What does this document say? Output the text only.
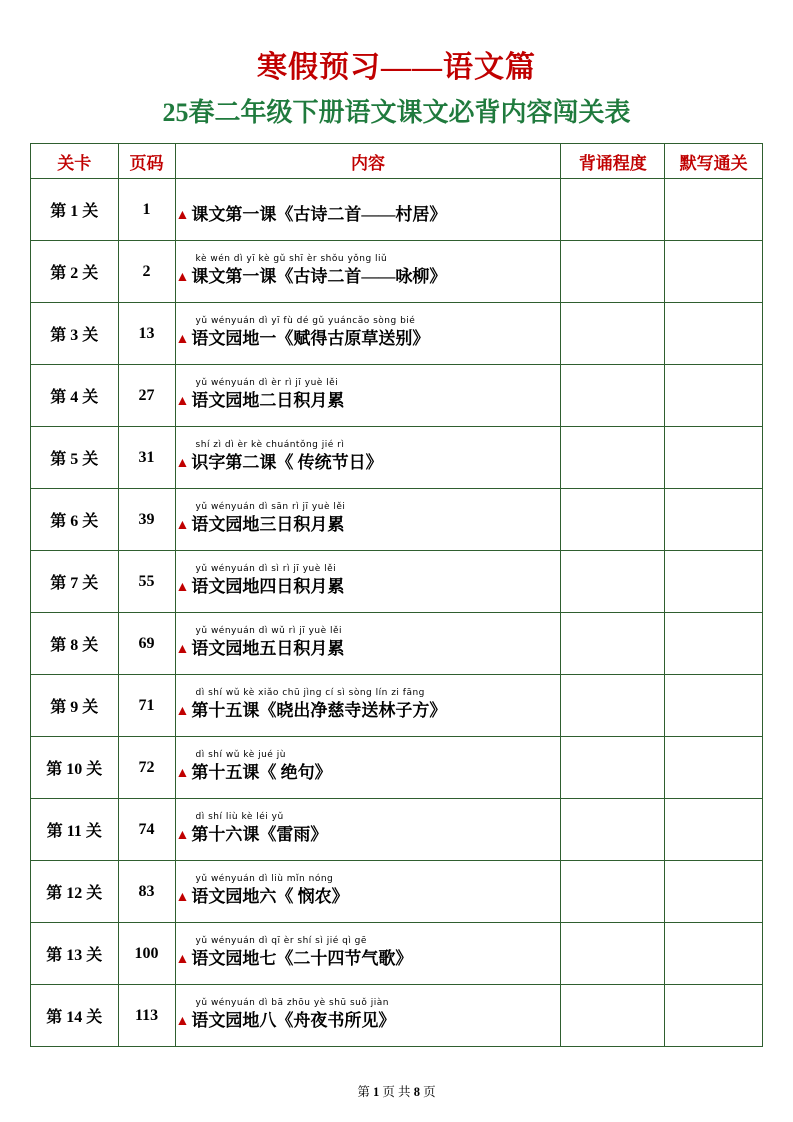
寒假预习——语文篇
25春二年级下册语文课文必背内容闯关表
关卡	页码	内容	背诵程度	默写通关
第 1 关	1	▲ 课文第一课《古诗二首——村居》		

第 2 关	2	kè wén dì yī kè gǔ shī èr shǒu yǒng liǔ
▲ 课文第一课《古诗二首——咏柳》		

第 3 关	13	yǔ wényuán dì yī fù dé gǔ yuáncǎo sòng bié
▲ 语文园地一《赋得古原草送别》		

第 4 关	27	yǔ wényuán dì èr rì jī yuè lěi
▲ 语文园地二日积月累		

第 5 关	31	shí zì dì èr kè chuántǒng jié rì
▲ 识字第二课《 传统节日》		

第 6 关	39	yǔ wényuán dì sān rì jī yuè lěi
▲ 语文园地三日积月累		

第 7 关	55	yǔ wényuán dì sì rì jī yuè lěi
▲ 语文园地四日积月累		

第 8 关	69	yǔ wényuán dì wǔ rì jī yuè lěi
▲ 语文园地五日积月累		

第 9 关	71	dì shí wǔ kè xiǎo chū jìng cí sì sòng lín zi fāng
▲ 第十五课《晓出净慈寺送林子方》		

第 10 关	72	dì shí wǔ kè jué jù
▲ 第十五课《 绝句》		

第 11 关	74	dì shí liù kè léi yǔ
▲ 第十六课《雷雨》		

第 12 关	83	yǔ wényuán dì liù mǐn nóng
▲ 语文园地六《 悯农》		

第 13 关	100	yǔ wényuán dì qī èr shí sì jié qì gē
▲ 语文园地七《二十四节气歌》		

第 14 关	113	yǔ wényuán dì bā zhōu yè shū suǒ jiàn
▲ 语文园地八《舟夜书所见》		

第 1 页 共 8 页
